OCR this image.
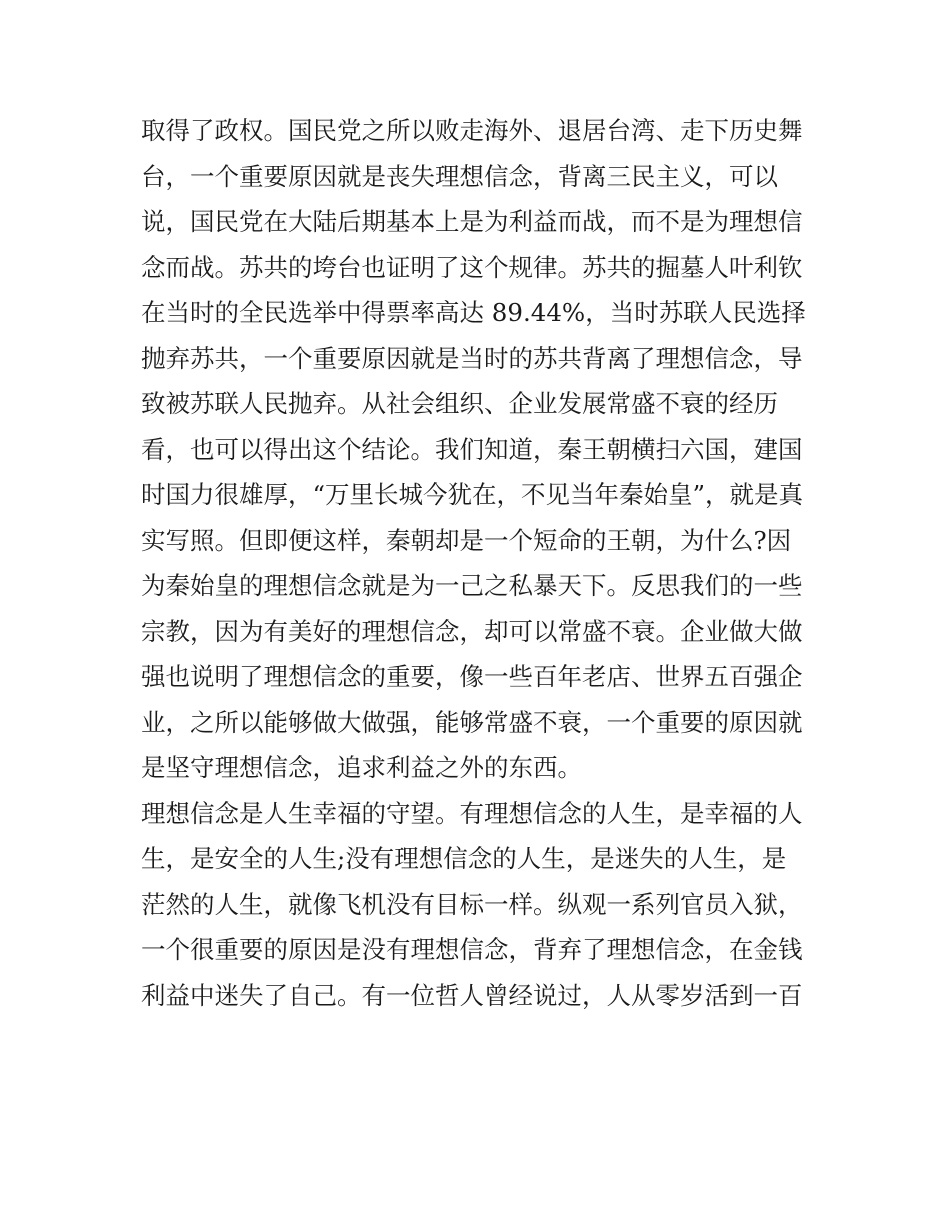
取得了政权。国民党之所以败走海外、退居台湾、走下历史舞
台，一个重要原因就是丧失理想信念，背离三民主义，可以
说，国民党在大陆后期基本上是为利益而战，而不是为理想信
念而战。苏共的垮台也证明了这个规律。苏共的掘墓人叶利钦
在当时的全民选举中得票率高达 89.44%，当时苏联人民选择
抛弃苏共，一个重要原因就是当时的苏共背离了理想信念，导
致被苏联人民抛弃。从社会组织、企业发展常盛不衰的经历
看，也可以得出这个结论。我们知道，秦王朝横扫六国，建国
时国力很雄厚，“万里长城今犹在，不见当年秦始皇”，就是真
实写照。但即便这样，秦朝却是一个短命的王朝，为什么?因
为秦始皇的理想信念就是为一己之私暴天下。反思我们的一些
宗教，因为有美好的理想信念，却可以常盛不衰。企业做大做
强也说明了理想信念的重要，像一些百年老店、世界五百强企
业，之所以能够做大做强，能够常盛不衰，一个重要的原因就
是坚守理想信念，追求利益之外的东西。
理想信念是人生幸福的守望。有理想信念的人生，是幸福的人
生，是安全的人生;没有理想信念的人生，是迷失的人生，是
茫然的人生，就像飞机没有目标一样。纵观一系列官员入狱，
一个很重要的原因是没有理想信念，背弃了理想信念，在金钱
利益中迷失了自己。有一位哲人曾经说过，人从零岁活到一百
